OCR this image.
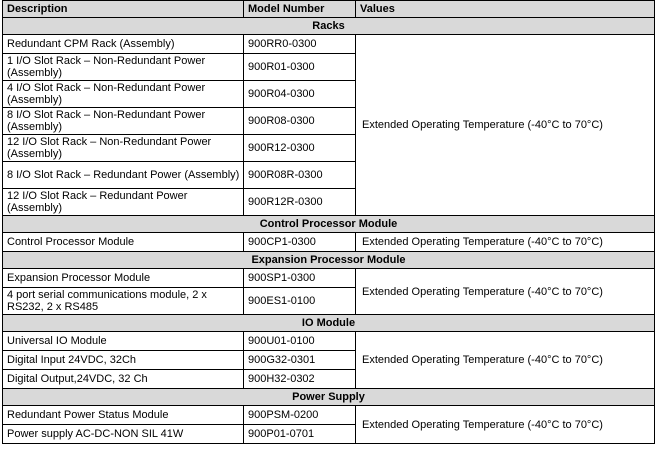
Description	Model Number	Values
Racks		
Redundant CPM Rack (Assembly)	900RR0-0300	Extended Operating Temperature (-40°C to 70°C)
1 I/O Slot Rack – Non-Redundant Power (Assembly)	900R01-0300	
4 I/O Slot Rack – Non-Redundant Power (Assembly)	900R04-0300	
8 I/O Slot Rack – Non-Redundant Power (Assembly)	900R08-0300	
12 I/O Slot Rack – Non-Redundant Power (Assembly)	900R12-0300	
8 I/O Slot Rack – Redundant Power (Assembly)	900R08R-0300	
12 I/O Slot Rack – Redundant Power (Assembly)	900R12R-0300	
Control Processor Module		
Control Processor Module	900CP1-0300	Extended Operating Temperature (-40°C to 70°C)
Expansion Processor Module		
Expansion Processor Module	900SP1-0300	Extended Operating Temperature (-40°C to 70°C)
4 port serial communications module, 2 x RS232, 2 x RS485	900ES1-0100	
IO Module		
Universal IO Module	900U01-0100	Extended Operating Temperature (-40°C to 70°C)
Digital Input 24VDC, 32Ch	900G32-0301	
Digital Output,24VDC, 32 Ch	900H32-0302	
Power Supply		
Redundant Power Status Module	900PSM-0200	Extended Operating Temperature (-40°C to 70°C)
Power supply AC-DC-NON SIL 41W	900P01-0701	
